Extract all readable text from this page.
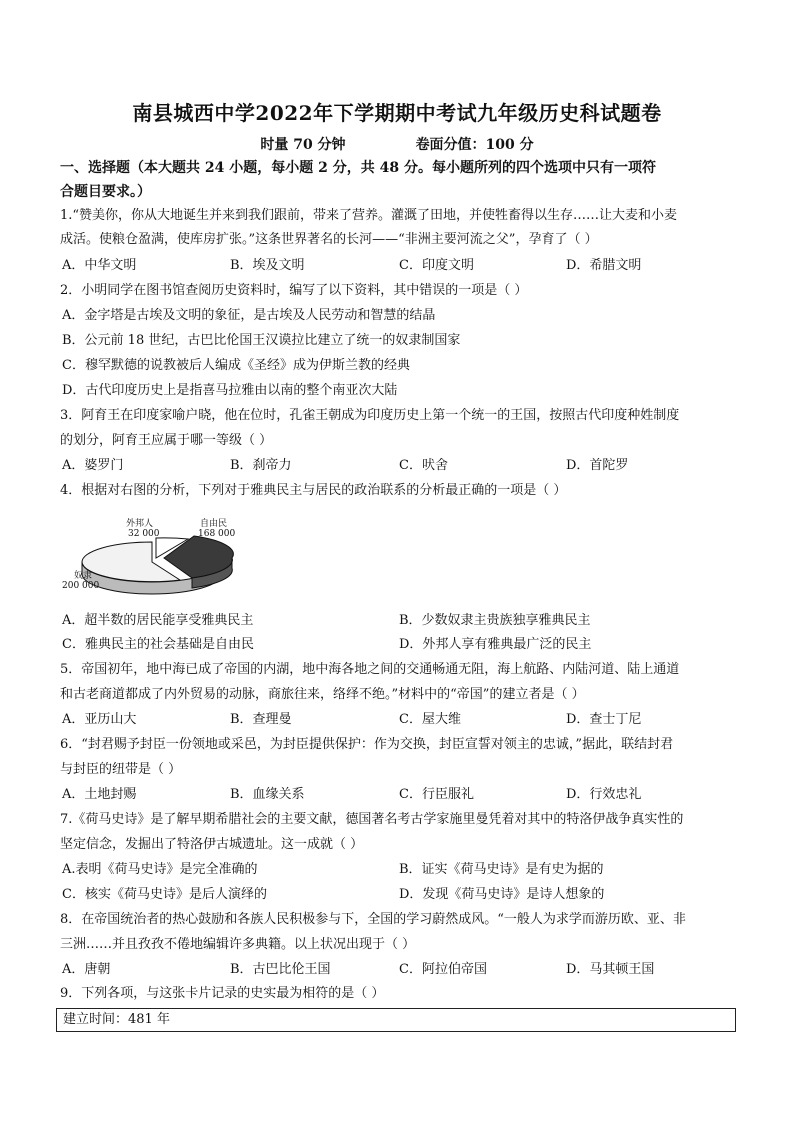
南县城西中学2022年下学期期中考试九年级历史科试题卷
时量 70 分钟	卷面分值：100 分
一、选择题（本大题共 24 小题，每小题 2 分，共 48 分。每小题所列的四个选项中只有一项符
合题目要求。）
1.“赞美你，你从大地诞生并来到我们跟前，带来了营养。灌溉了田地，并使牲畜得以生存……让大麦和小麦
成活。使粮仓盈满，使库房扩张。”这条世界著名的长河——“非洲主要河流之父”，孕育了（ ）
A．中华文明	B．埃及文明	C．印度文明	D．希腊文明
2．小明同学在图书馆查阅历史资料时，编写了以下资料，其中错误的一项是（ ）
A．金字塔是古埃及文明的象征，是古埃及人民劳动和智慧的结晶
B．公元前 18 世纪，古巴比伦国王汉谟拉比建立了统一的奴隶制国家
C．穆罕默德的说教被后人编成《圣经》成为伊斯兰教的经典
D．古代印度历史上是指喜马拉雅由以南的整个南亚次大陆
3．阿育王在印度家喻户晓，他在位时，孔雀王朝成为印度历史上第一个统一的王国，按照古代印度种姓制度
的划分，阿育王应属于哪一等级（ ）
A．婆罗门	B．刹帝力	C．吠舍	D．首陀罗
4．根据对右图的分析，下列对于雅典民主与居民的政治联系的分析最正确的一项是（ ）
外邦人
32 000
自由民
168 000
奴隶
200 000
A．超半数的居民能享受雅典民主	B．少数奴隶主贵族独享雅典民主
C．雅典民主的社会基础是自由民	D．外邦人享有雅典最广泛的民主
5．帝国初年，地中海已成了帝国的内湖，地中海各地之间的交通畅通无阻，海上航路、内陆河道、陆上通道
和古老商道都成了内外贸易的动脉，商旅往来，络绎不绝。”材料中的“帝国”的建立者是（ ）
A．亚历山大	B．查理曼	C．屋大维	D．查士丁尼
6．“封君赐予封臣一份领地或采邑，为封臣提供保护：作为交换，封臣宣誓对领主的忠诚，”据此，联结封君
与封臣的纽带是（ ）
A．土地封赐	B．血缘关系	C．行臣服礼	D．行效忠礼
7.《荷马史诗》是了解早期希腊社会的主要文献，德国著名考古学家施里曼凭着对其中的特洛伊战争真实性的
坚定信念，发掘出了特洛伊古城遗址。这一成就（ ）
A.表明《荷马史诗》是完全准确的	B．证实《荷马史诗》是有史为据的
C．核实《荷马史诗》是后人演绎的	D．发现《荷马史诗》是诗人想象的
8．在帝国统治者的热心鼓励和各族人民积极参与下，全国的学习蔚然成风。“一般人为求学而游历欧、亚、非
三洲……并且孜孜不倦地编辑许多典籍。以上状况出现于（ ）
A．唐朝	B．古巴比伦王国	C．阿拉伯帝国	D．马其顿王国
9．下列各项，与这张卡片记录的史实最为相符的是（ ）
建立时间：481 年
